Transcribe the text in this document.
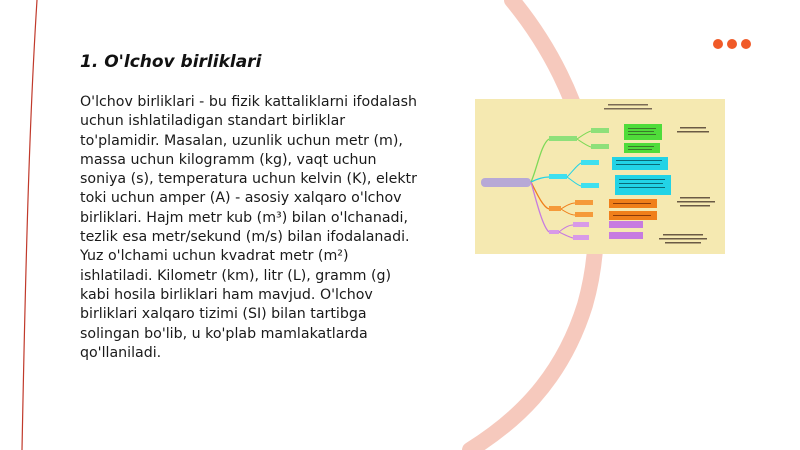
1. O'lchov birliklari

O'lchov birliklari - bu fizik kattaliklarni ifodalash uchun ishlatiladigan standart birliklar to'plamidir. Masalan, uzunlik uchun metr (m), massa uchun kilogramm (kg), vaqt uchun soniya (s), temperatura uchun kelvin (K), elektr toki uchun amper (A) - asosiy xalqaro o'lchov birliklari. Hajm metr kub (m³) bilan o'lchanadi, tezlik esa metr/sekund (m/s) bilan ifodalanadi. Yuz o'lchami uchun kvadrat metr (m²) ishlatiladi. Kilometr (km), litr (L), gramm (g) kabi hosila birliklari ham mavjud. O'lchov birliklari xalqaro tizimi (SI) bilan tartibga solingan bo'lib, u ko'plab mamlakatlarda qo'llaniladi.
